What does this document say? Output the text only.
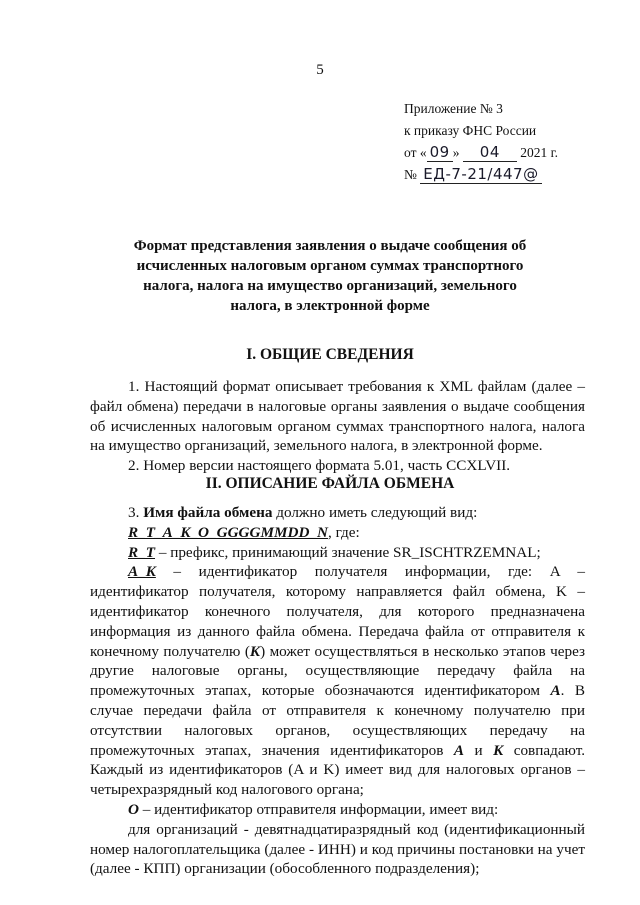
5
Приложение № 3
к приказу ФНС России
от « 09 » 04 2021 г.
№ ЕД-7-21/447@
Формат представления заявления о выдаче сообщения об исчисленных налоговым органом суммах транспортного налога, налога на имущество организаций, земельного налога, в электронной форме
I. ОБЩИЕ СВЕДЕНИЯ

1. Настоящий формат описывает требования к XML файлам (далее – файл обмена) передачи в налоговые органы заявления о выдаче сообщения об исчисленных налоговым органом суммах транспортного налога, налога на имущество организаций, земельного налога, в электронной форме.

2. Номер версии настоящего формата 5.01, часть CCXLVII.

II. ОПИСАНИЕ ФАЙЛА ОБМЕНА

3. Имя файла обмена должно иметь следующий вид:

R_T_A_K_O_GGGGMMDD_N, где:

R_T – префикс, принимающий значение SR_ISCHTRZEMNAL;

A_K – идентификатор получателя информации, где: A – идентификатор получателя, которому направляется файл обмена, K – идентификатор конечного получателя, для которого предназначена информация из данного файла обмена. Передача файла от отправителя к конечному получателю (K) может осуществляться в несколько этапов через другие налоговые органы, осуществляющие передачу файла на промежуточных этапах, которые обозначаются идентификатором A. В случае передачи файла от отправителя к конечному получателю при отсутствии налоговых органов, осуществляющих передачу на промежуточных этапах, значения идентификаторов A и K совпадают. Каждый из идентификаторов (A и K) имеет вид для налоговых органов – четырехразрядный код налогового органа;

O – идентификатор отправителя информации, имеет вид:

для организаций - девятнадцатиразрядный код (идентификационный номер налогоплательщика (далее - ИНН) и код причины постановки на учет (далее - КПП) организации (обособленного подразделения);
